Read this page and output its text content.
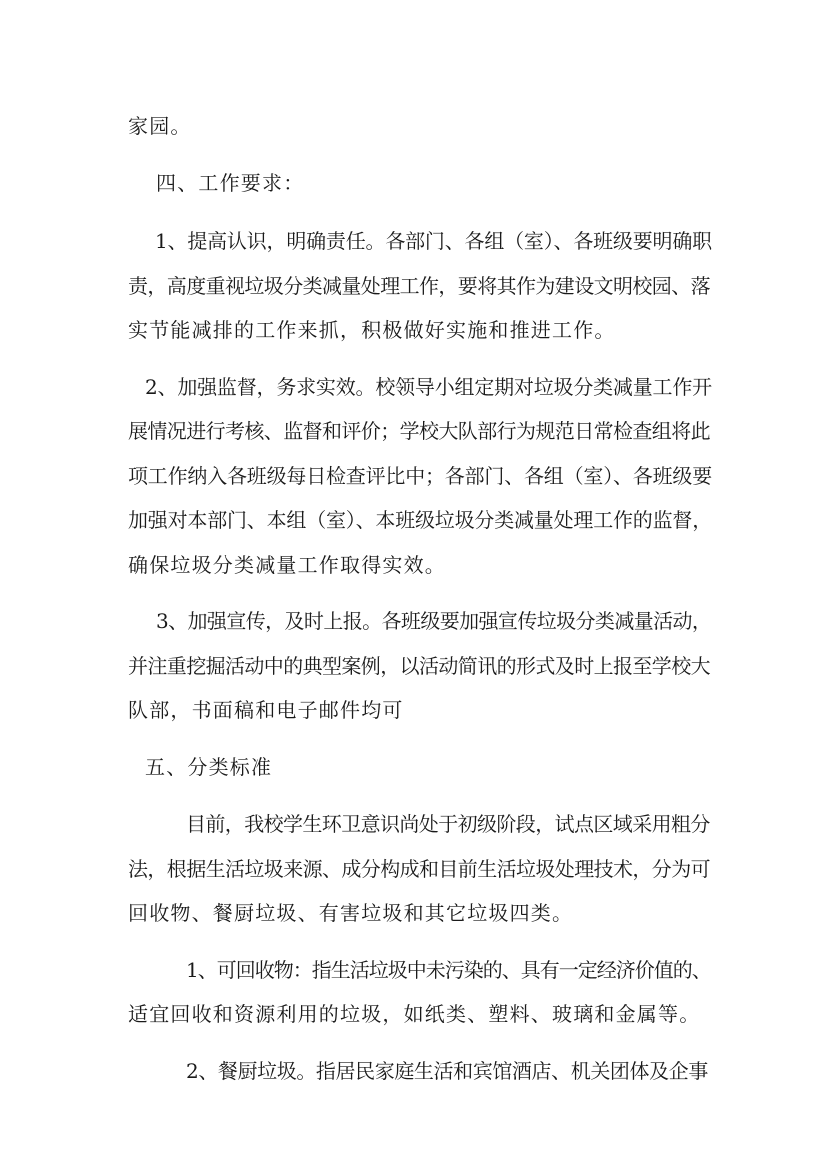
家园。
四、工作要求：
1、提高认识，明确责任。各部门、各组（室）、各班级要明确职
责，高度重视垃圾分类减量处理工作，要将其作为建设文明校园、落
实节能减排的工作来抓，积极做好实施和推进工作。
2、加强监督，务求实效。校领导小组定期对垃圾分类减量工作开
展情况进行考核、监督和评价；学校大队部行为规范日常检查组将此
项工作纳入各班级每日检查评比中；各部门、各组（室）、各班级要
加强对本部门、本组（室）、本班级垃圾分类减量处理工作的监督，
确保垃圾分类减量工作取得实效。
3、加强宣传，及时上报。各班级要加强宣传垃圾分类减量活动，
并注重挖掘活动中的典型案例，以活动简讯的形式及时上报至学校大
队部，书面稿和电子邮件均可
五、分类标准
目前，我校学生环卫意识尚处于初级阶段，试点区域采用粗分
法，根据生活垃圾来源、成分构成和目前生活垃圾处理技术，分为可
回收物、餐厨垃圾、有害垃圾和其它垃圾四类。
1、可回收物：指生活垃圾中未污染的、具有一定经济价值的、
适宜回收和资源利用的垃圾，如纸类、塑料、玻璃和金属等。
2、餐厨垃圾。指居民家庭生活和宾馆酒店、机关团体及企事
